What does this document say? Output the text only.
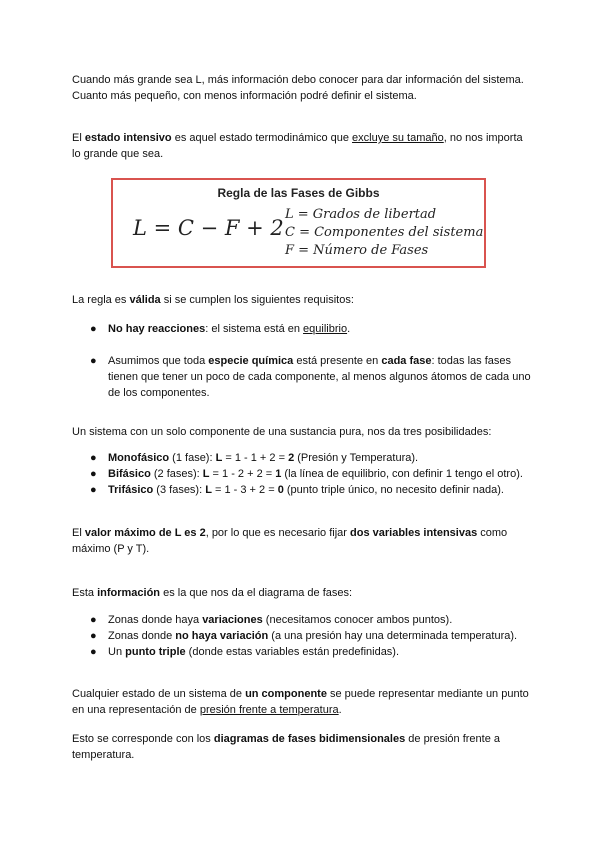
Cuando más grande sea L, más información debo conocer para dar información del sistema.

Cuanto más pequeño, con menos información podré definir el sistema.

El estado intensivo es aquel estado termodinámico que excluye su tamaño, no nos importa lo grande que sea.

Regla de las Fases de Gibbs
L = C − F + 2
L = Grados de libertad
C = Componentes del sistema
F = Número de Fases

La regla es válida si se cumplen los siguientes requisitos:

● No hay reacciones: el sistema está en equilibrio.
● Asumimos que toda especie química está presente en cada fase: todas las fases tienen que tener un poco de cada componente, al menos algunos átomos de cada uno de los componentes.

Un sistema con un solo componente de una sustancia pura, nos da tres posibilidades:

● Monofásico (1 fase): L = 1 - 1 + 2 = 2 (Presión y Temperatura).
● Bifásico (2 fases): L = 1 - 2 + 2 = 1 (la línea de equilibrio, con definir 1 tengo el otro).
● Trifásico (3 fases): L = 1 - 3 + 2 = 0 (punto triple único, no necesito definir nada).

El valor máximo de L es 2, por lo que es necesario fijar dos variables intensivas como máximo (P y T).

Esta información es la que nos da el diagrama de fases:

● Zonas donde haya variaciones (necesitamos conocer ambos puntos).
● Zonas donde no haya variación (a una presión hay una determinada temperatura).
● Un punto triple (donde estas variables están predefinidas).

Cualquier estado de un sistema de un componente se puede representar mediante un punto en una representación de presión frente a temperatura.

Esto se corresponde con los diagramas de fases bidimensionales de presión frente a temperatura.
